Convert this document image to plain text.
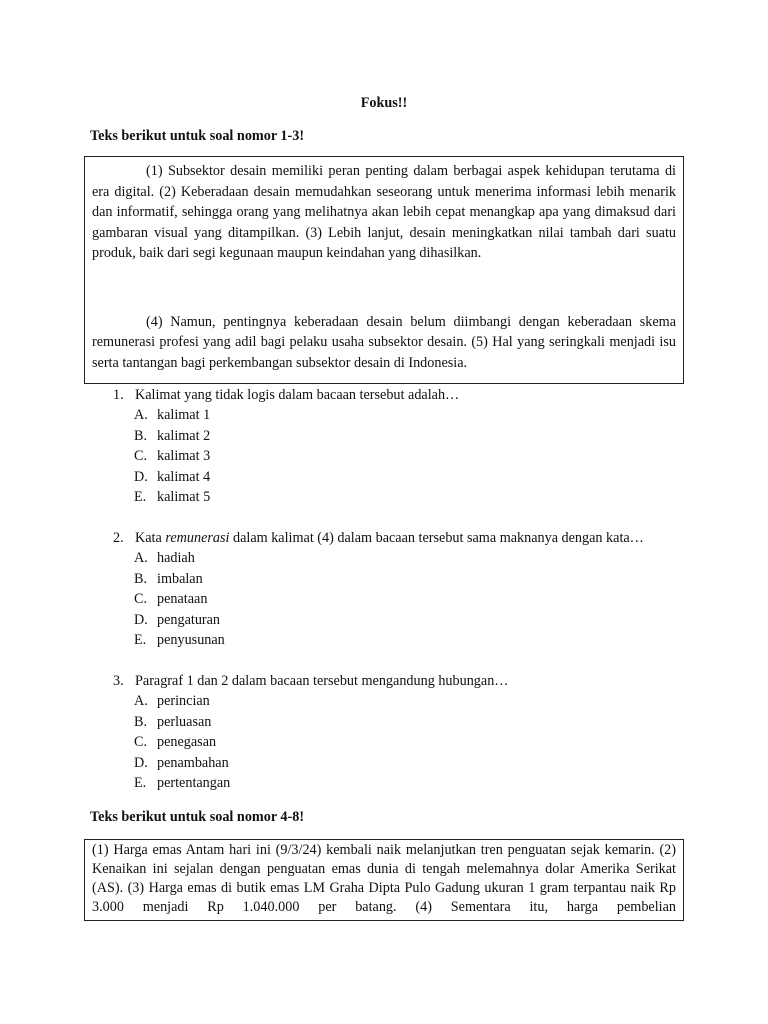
Fokus!!
Teks berikut untuk soal nomor 1-3!

(1) Subsektor desain memiliki peran penting dalam berbagai aspek kehidupan terutama di era digital. (2) Keberadaan desain memudahkan seseorang untuk menerima informasi lebih menarik dan informatif, sehingga orang yang melihatnya akan lebih cepat menangkap apa yang dimaksud dari gambaran visual yang ditampilkan. (3) Lebih lanjut, desain meningkatkan nilai tambah dari suatu produk, baik dari segi kegunaan maupun keindahan yang dihasilkan.

(4) Namun, pentingnya keberadaan desain belum diimbangi dengan keberadaan skema remunerasi profesi yang adil bagi pelaku usaha subsektor desain. (5) Hal yang seringkali menjadi isu serta tantangan bagi perkembangan subsektor desain di Indonesia.

1. Kalimat yang tidak logis dalam bacaan tersebut adalah…
A. kalimat 1
B. kalimat 2
C. kalimat 3
D. kalimat 4
E. kalimat 5
2. Kata remunerasi dalam kalimat (4) dalam bacaan tersebut sama maknanya dengan kata…
A. hadiah
B. imbalan
C. penataan
D. pengaturan
E. penyusunan
3. Paragraf 1 dan 2 dalam bacaan tersebut mengandung hubungan…
A. perincian
B. perluasan
C. penegasan
D. penambahan
E. pertentangan
Teks berikut untuk soal nomor 4-8!

(1) Harga emas Antam hari ini (9/3/24) kembali naik melanjutkan tren penguatan sejak kemarin. (2) Kenaikan ini sejalan dengan penguatan emas dunia di tengah melemahnya dolar Amerika Serikat (AS). (3) Harga emas di butik emas LM Graha Dipta Pulo Gadung ukuran 1 gram terpantau naik Rp 3.000 menjadi Rp 1.040.000 per batang. (4) Sementara itu, harga pembelian
